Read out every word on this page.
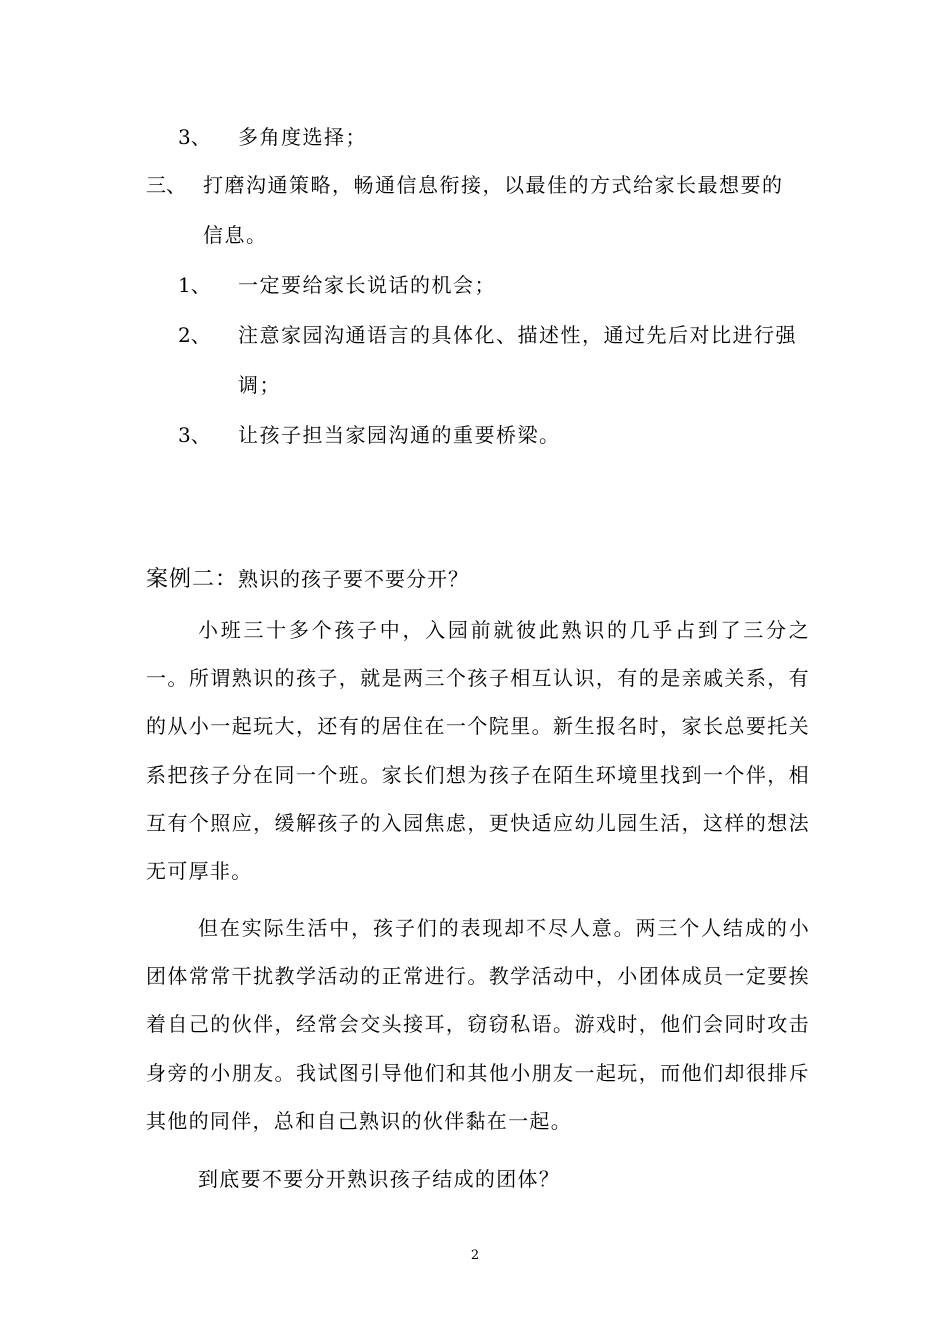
3、 多角度选择；
三、 打磨沟通策略，畅通信息衔接，以最佳的方式给家长最想要的
信息。
1、 一定要给家长说话的机会；
2、 注意家园沟通语言的具体化、描述性，通过先后对比进行强
调；
3、 让孩子担当家园沟通的重要桥梁。
案例二：熟识的孩子要不要分开？

小班三十多个孩子中，入园前就彼此熟识的几乎占到了三分之一。所谓熟识的孩子，就是两三个孩子相互认识，有的是亲戚关系，有的从小一起玩大，还有的居住在一个院里。新生报名时，家长总要托关系把孩子分在同一个班。家长们想为孩子在陌生环境里找到一个伴，相互有个照应，缓解孩子的入园焦虑，更快适应幼儿园生活，这样的想法无可厚非。

但在实际生活中，孩子们的表现却不尽人意。两三个人结成的小团体常常干扰教学活动的正常进行。教学活动中，小团体成员一定要挨着自己的伙伴，经常会交头接耳，窃窃私语。游戏时，他们会同时攻击身旁的小朋友。我试图引导他们和其他小朋友一起玩，而他们却很排斥其他的同伴，总和自己熟识的伙伴黏在一起。

到底要不要分开熟识孩子结成的团体？

2
